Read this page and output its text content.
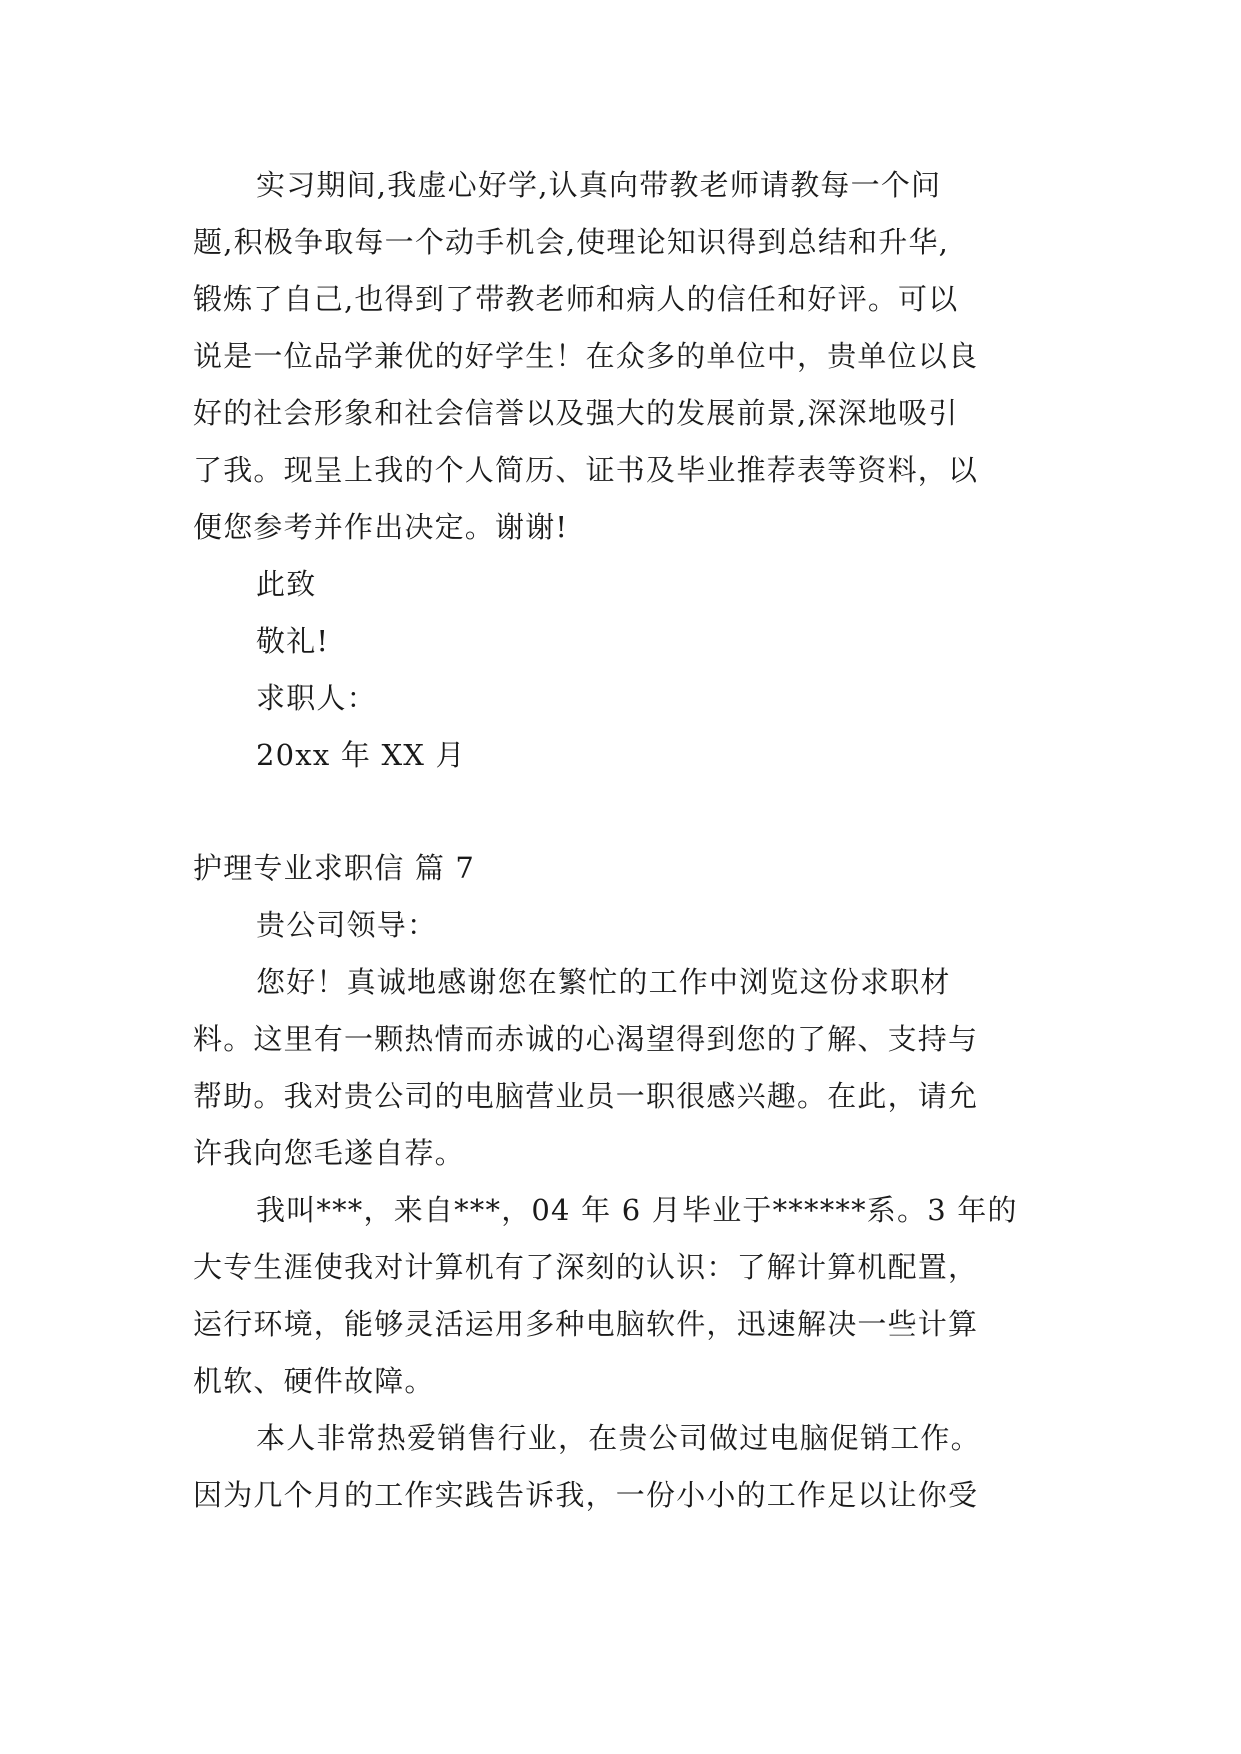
实习期间,我虚心好学,认真向带教老师请教每一个问
题,积极争取每一个动手机会,使理论知识得到总结和升华,
锻炼了自己,也得到了带教老师和病人的信任和好评。可以
说是一位品学兼优的好学生！在众多的单位中，贵单位以良
好的社会形象和社会信誉以及强大的发展前景,深深地吸引
了我。现呈上我的个人简历、证书及毕业推荐表等资料，以
便您参考并作出决定。谢谢!
此致
敬礼!
求职人：
20xx 年 XX 月
护理专业求职信 篇 7
贵公司领导：
您好！真诚地感谢您在繁忙的工作中浏览这份求职材
料。这里有一颗热情而赤诚的心渴望得到您的了解、支持与
帮助。我对贵公司的电脑营业员一职很感兴趣。在此，请允
许我向您毛遂自荐。
我叫***，来自***，04 年 6 月毕业于******系。3 年的
大专生涯使我对计算机有了深刻的认识：了解计算机配置，
运行环境，能够灵活运用多种电脑软件，迅速解决一些计算
机软、硬件故障。
本人非常热爱销售行业，在贵公司做过电脑促销工作。
因为几个月的工作实践告诉我，一份小小的工作足以让你受
